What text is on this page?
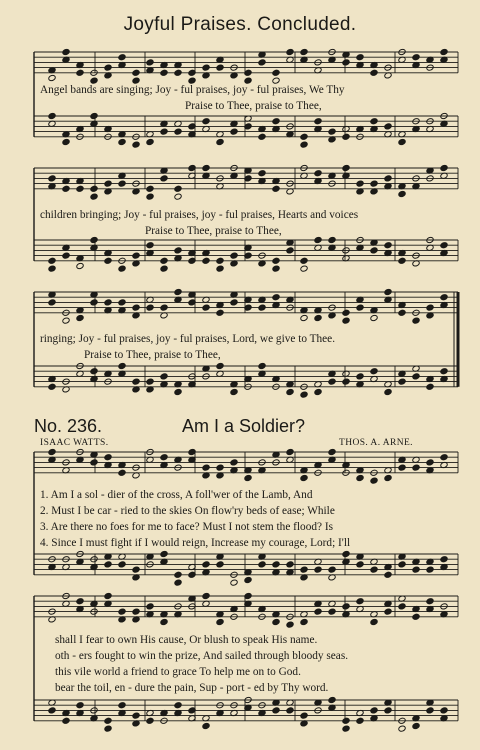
Joyful Praises. Concluded.
Angel bands are singing; Joy - ful praises, joy - ful praises, We Thy
Praise to Thee, praise to Thee,
children bringing; Joy - ful praises, joy - ful praises, Hearts and voices
Praise to Thee, praise to Thee,
ringing; Joy - ful praises, joy - ful praises, Lord, we give to Thee.
Praise to Thee, praise to Thee,
No. 236.	Am I a Soldier?
ISAAC WATTS.	THOS. A. ARNE.
1. Am I a sol - dier of the cross, A foll'wer of the Lamb, And
2. Must I be car - ried to the skies On flow'ry beds of ease; While
3. Are there no foes for me to face? Must I not stem the flood? Is
4. Since I must fight if I would reign, Increase my courage, Lord; I'll
shall I fear to own His cause, Or blush to speak His name.
oth - ers fought to win the prize, And sailed through bloody seas.
this vile world a friend to grace To help me on to God.
bear the toil, en - dure the pain, Sup - port - ed by Thy word.
